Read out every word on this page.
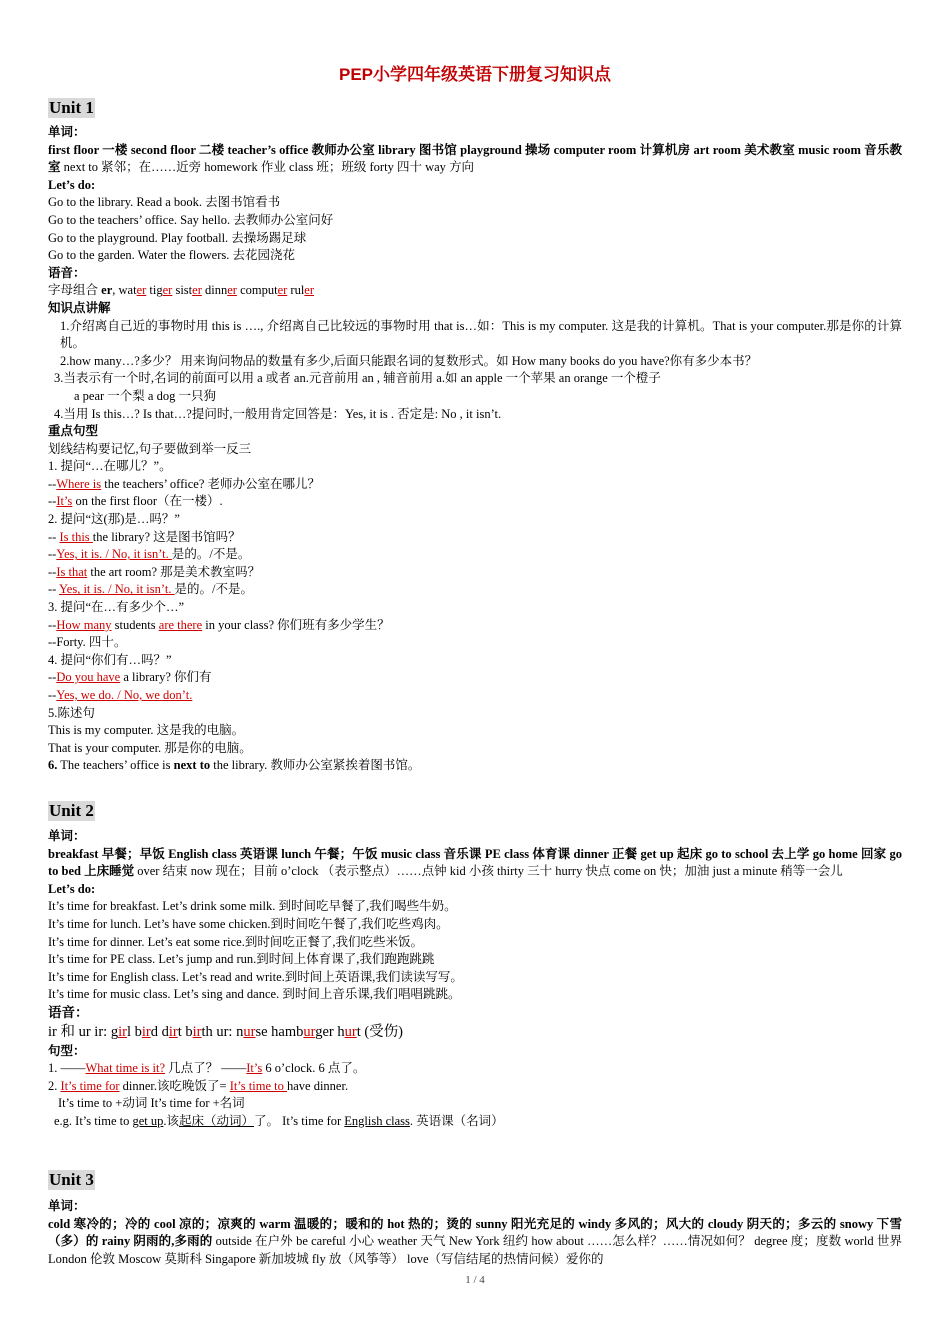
PEP小学四年级英语下册复习知识点
Unit 1

单词：

first floor 一楼 second floor 二楼 teacher’s office 教师办公室 library 图书馆 playground 操场 computer room 计算机房 art room 美术教室 music room 音乐教室 next to 紧邻；在……近旁 homework 作业 class 班；班级 forty 四十 way 方向

Let’s do:

Go to the library. Read a book. 去图书馆看书

Go to the teachers’ office. Say hello. 去教师办公室问好

Go to the playground. Play football. 去操场踢足球

Go to the garden. Water the flowers. 去花园浇花

语音：

字母组合 er, water tiger sister dinner computer ruler

知识点讲解

1.介绍离自己近的事物时用 this is …., 介绍离自己比较远的事物时用 that is…如：This is my computer. 这是我的计算机。That is your computer.那是你的计算机。

2.how many…?多少？ 用来询问物品的数量有多少,后面只能跟名词的复数形式。如 How many books do you have?你有多少本书？

3.当表示有一个时,名词的前面可以用 a 或者 an.元音前用 an , 辅音前用 a.如 an apple 一个苹果 an orange 一个橙子

a pear 一个梨 a dog 一只狗

4.当用 Is this…? Is that…?提问时,一般用肯定回答是：Yes, it is . 否定是: No , it isn’t.

重点句型

划线结构要记忆,句子要做到举一反三

1. 提问“…在哪儿？”。

--Where is the teachers’ office? 老师办公室在哪儿？

--It’s on the first floor（在一楼）.

2. 提问“这(那)是…吗？”

-- Is this the library? 这是图书馆吗？

--Yes, it is. / No, it isn’t. 是的。/不是。

--Is that the art room? 那是美术教室吗？

-- Yes, it is. / No, it isn’t. 是的。/不是。

3. 提问“在…有多少个…”

--How many students are there in your class? 你们班有多少学生？

--Forty. 四十。

4. 提问“你们有…吗？”

--Do you have a library? 你们有

--Yes, we do. / No, we don’t.

5.陈述句

This is my computer. 这是我的电脑。

That is your computer. 那是你的电脑。

6. The teachers’ office is next to the library. 教师办公室紧挨着图书馆。

Unit 2

单词：

breakfast 早餐；早饭 English class 英语课 lunch 午餐；午饭 music class 音乐课 PE class 体育课 dinner 正餐 get up 起床 go to school 去上学 go home 回家 go to bed 上床睡觉 over 结束 now 现在；目前 o’clock （表示整点）……点钟 kid 小孩 thirty 三十 hurry 快点 come on 快；加油 just a minute 稍等一会儿

Let’s do:

It’s time for breakfast. Let’s drink some milk. 到时间吃早餐了,我们喝些牛奶。

It’s time for lunch. Let’s have some chicken.到时间吃午餐了,我们吃些鸡肉。

It’s time for dinner. Let’s eat some rice.到时间吃正餐了,我们吃些米饭。

It’s time for PE class. Let’s jump and run.到时间上体育课了,我们跑跑跳跳

It’s time for English class. Let’s read and write.到时间上英语课,我们读读写写。

It’s time for music class. Let’s sing and dance. 到时间上音乐课,我们唱唱跳跳。

语音：

ir 和 ur ir: girl bird dirt birth ur: nurse hamburger hurt (受伤)

句型：

1. ——What time is it? 几点了？ ——It’s 6 o’clock. 6 点了。

2. It’s time for dinner.该吃晚饭了= It’s time to have dinner.

It’s time to +动词 It’s time for +名词

e.g. It’s time to get up.该起床（动词）了。 It’s time for English class. 英语课（名词）

Unit 3

单词：

cold 寒冷的；冷的 cool 凉的；凉爽的 warm 温暖的；暖和的 hot 热的；烫的 sunny 阳光充足的 windy 多风的；风大的 cloudy 阴天的；多云的 snowy 下雪（多）的 rainy 阴雨的,多雨的 outside 在户外 be careful 小心 weather 天气 New York 纽约 how about ……怎么样？……情况如何？ degree 度；度数 world 世界 London 伦敦 Moscow 莫斯科 Singapore 新加坡城 fly 放（风筝等） love（写信结尾的热情问候）爱你的

1 / 4
